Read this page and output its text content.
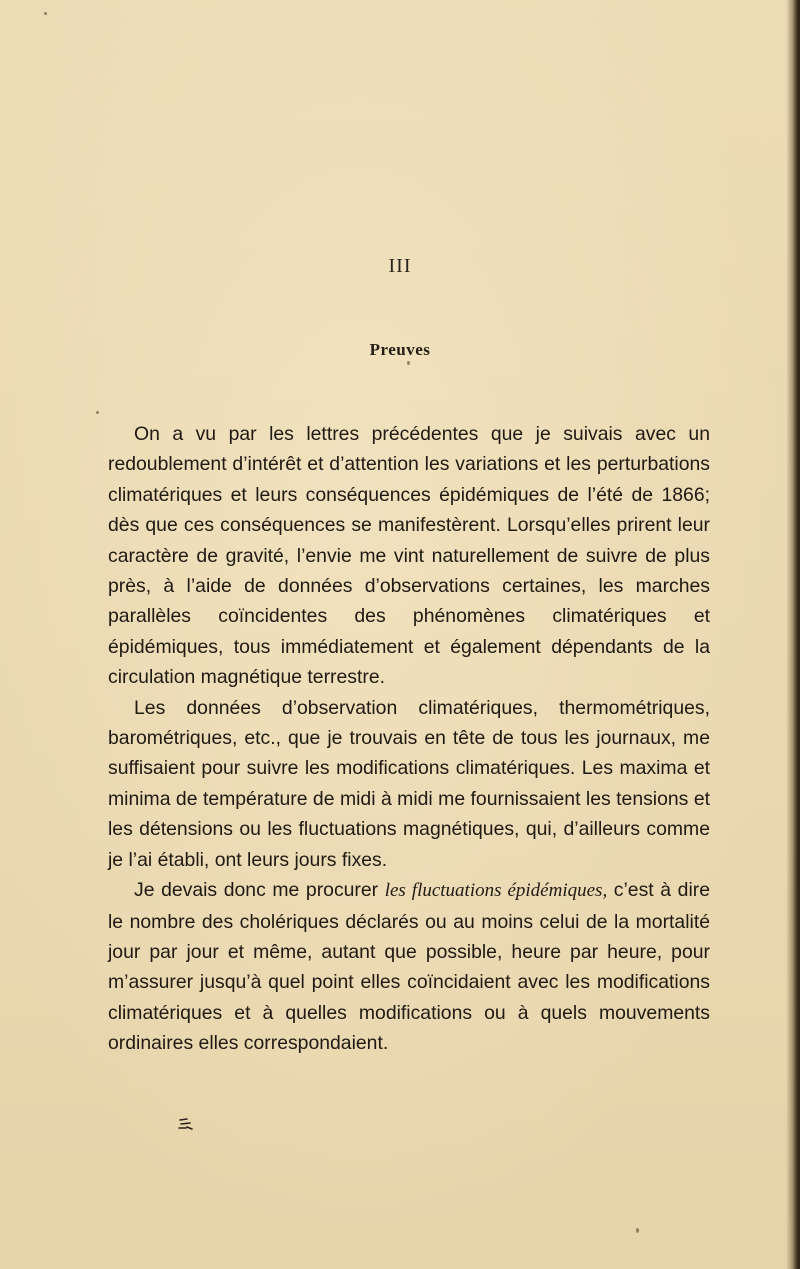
III
Preuves

On a vu par les lettres précédentes que je suivais avec un redoublement d’intérêt et d’attention les variations et les perturbations climatériques et leurs conséquences épidémiques de l’été de 1866; dès que ces conséquences se manifestèrent. Lorsqu’elles prirent leur caractère de gravité, l’envie me vint naturellement de suivre de plus près, à l’aide de données d’observations certaines, les marches parallèles coïncidentes des phénomènes climatériques et épidémiques, tous immédiatement et également dépendants de la circulation magnétique terrestre.

Les données d’observation climatériques, thermométriques, barométriques, etc., que je trouvais en tête de tous les journaux, me suffisaient pour suivre les modifications climatériques. Les maxima et minima de température de midi à midi me fournissaient les tensions et les détensions ou les fluctuations magnétiques, qui, d’ailleurs comme je l’ai établi, ont leurs jours fixes.

Je devais donc me procurer les fluctuations épidémiques, c’est à dire le nombre des cholériques déclarés ou au moins celui de la mortalité jour par jour et même, autant que possible, heure par heure, pour m’assurer jusqu’à quel point elles coïncidaient avec les modifications climatériques et à quelles modifications ou à quels mouvements ordinaires elles correspondaient.
